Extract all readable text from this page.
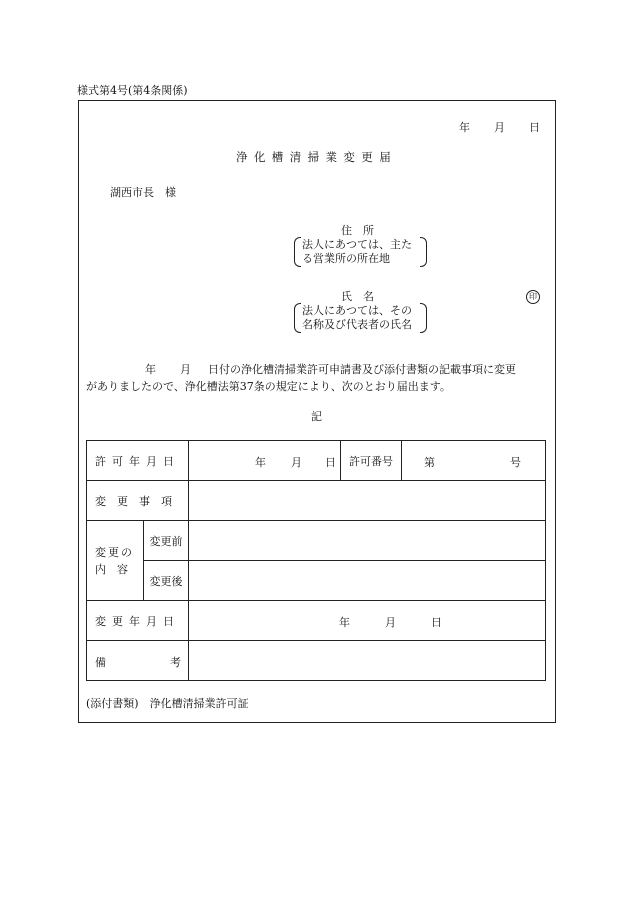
様式第4号(第4条関係)
年 月 日
浄化槽清掃業変更届
湖西市長　様
住　所
法人にあつては、主た
る営業所の所在地
氏　名	印
法人にあつては、その
名称及び代表者の氏名
年 月 日付の浄化槽清掃業許可申請書及び添付書類の記載事項に変更
がありましたので、浄化槽法第37条の規定により、次のとおり届出ます。
記
許可年月日		年 月 日	許可番号	第 号

変更事項				

変更の
内　容	変更前			
	変更後			
変更年月日		年 月 日		

備 考				

(添付書類)　浄化槽清掃業許可証
